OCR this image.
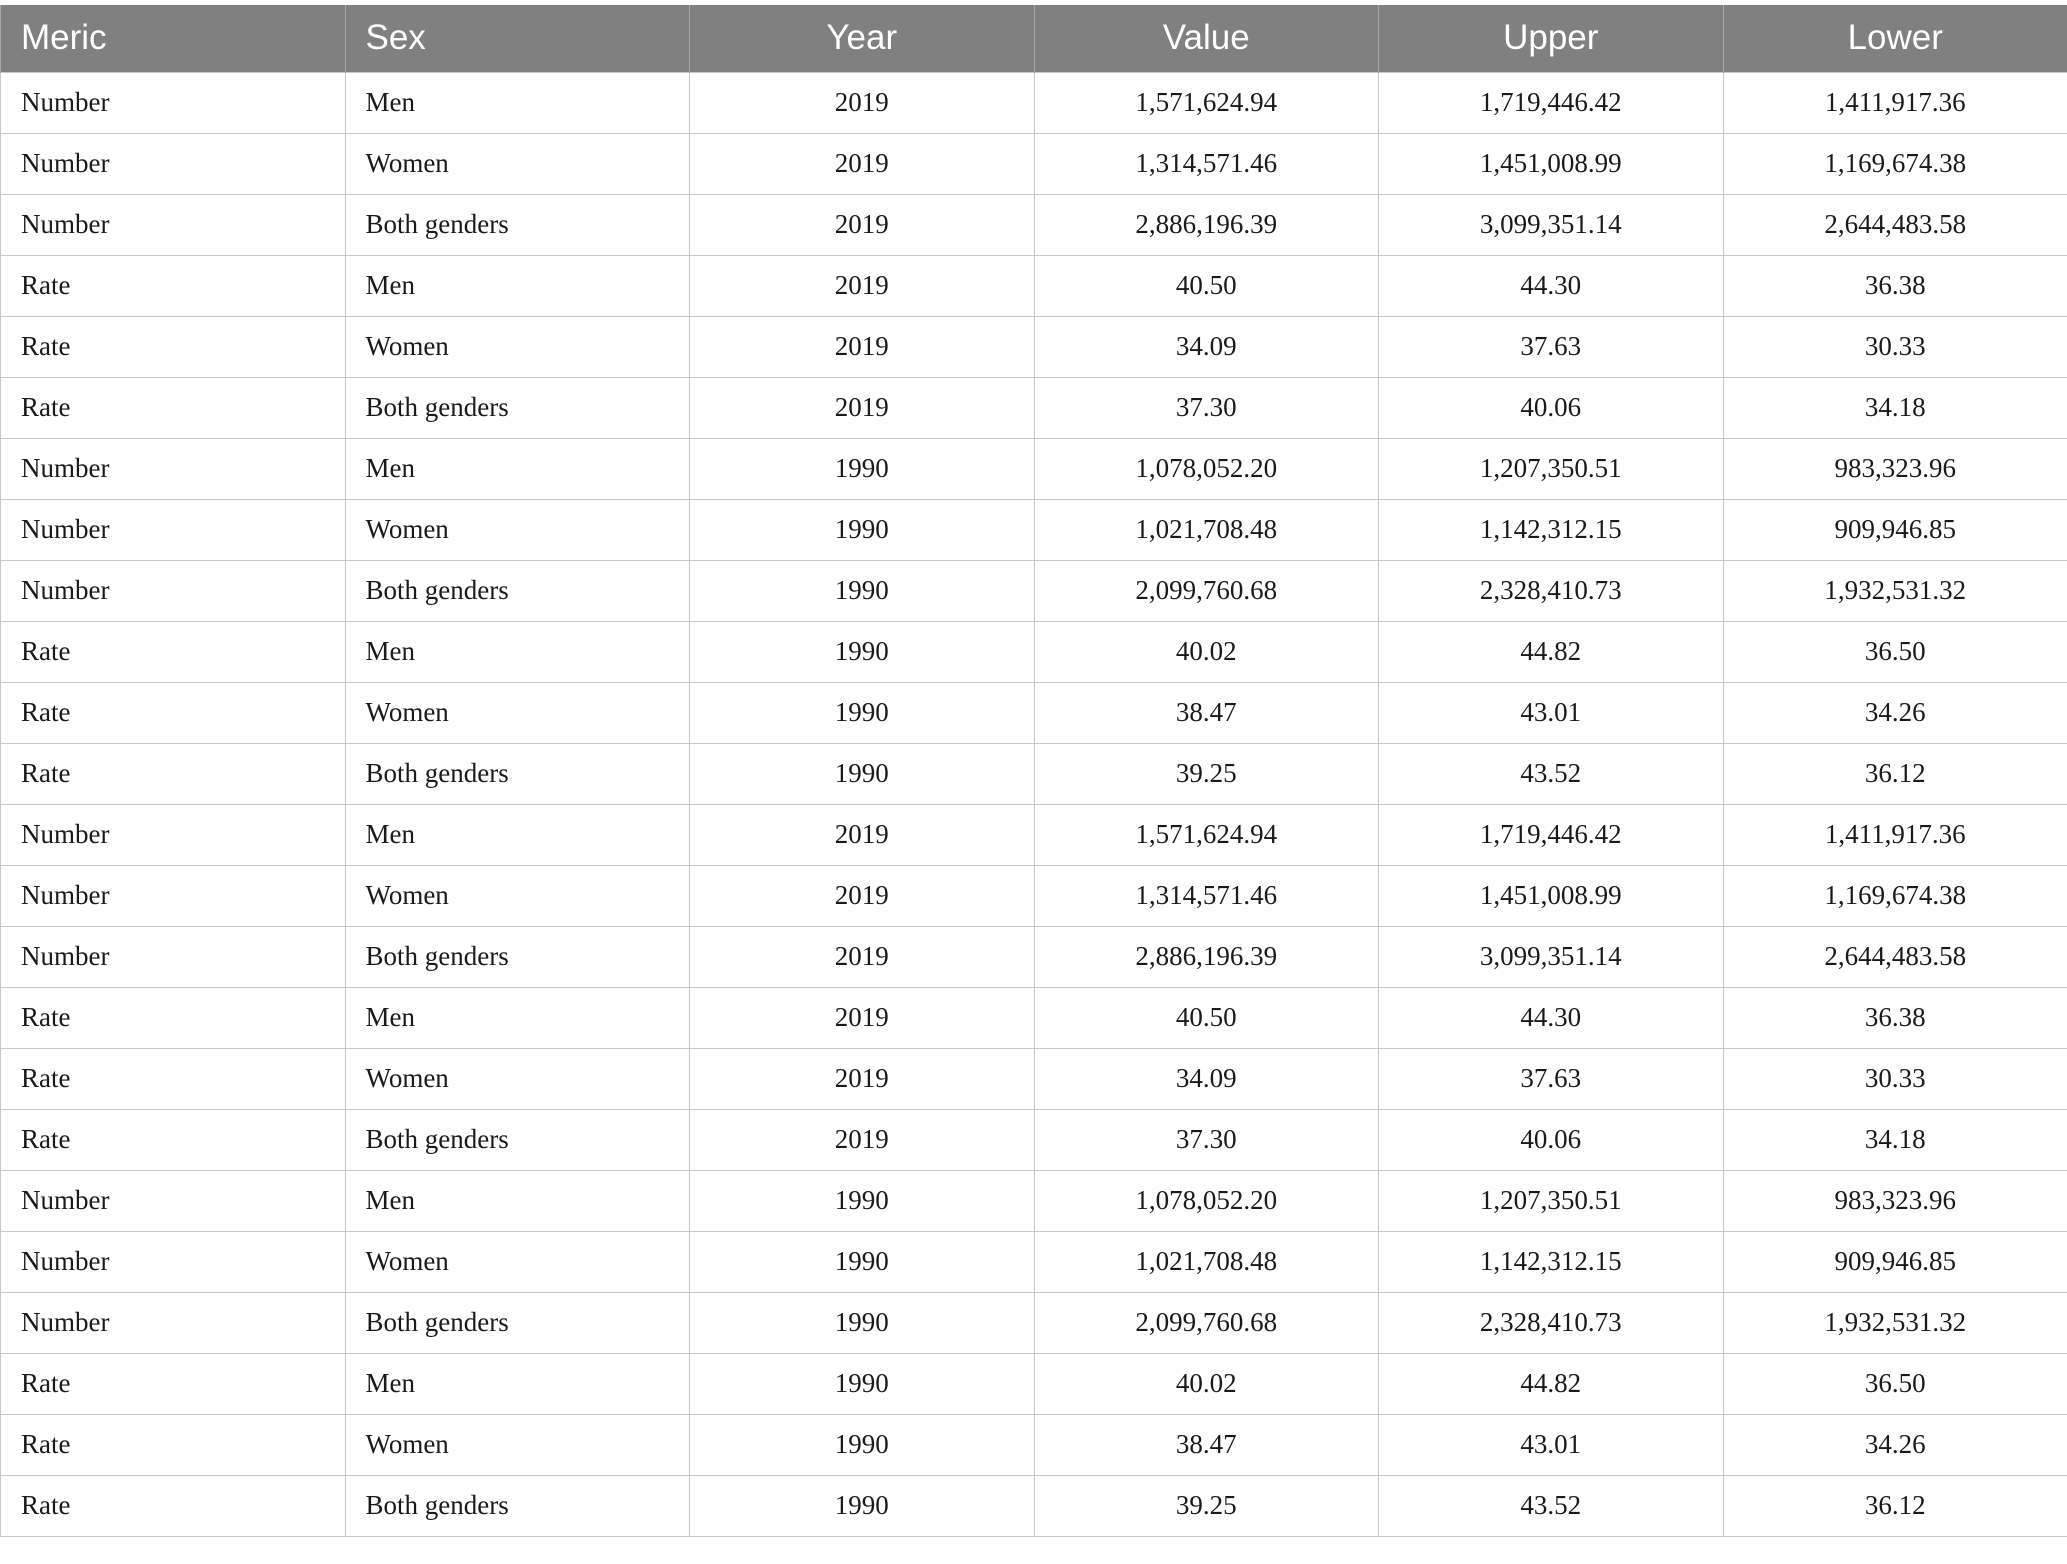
Meric	Sex	Year	Value	Upper	Lower
Number	Men	2019	1,571,624.94	1,719,446.42	1,411,917.36
Number	Women	2019	1,314,571.46	1,451,008.99	1,169,674.38
Number	Both genders	2019	2,886,196.39	3,099,351.14	2,644,483.58
Rate	Men	2019	40.50	44.30	36.38
Rate	Women	2019	34.09	37.63	30.33
Rate	Both genders	2019	37.30	40.06	34.18
Number	Men	1990	1,078,052.20	1,207,350.51	983,323.96
Number	Women	1990	1,021,708.48	1,142,312.15	909,946.85
Number	Both genders	1990	2,099,760.68	2,328,410.73	1,932,531.32
Rate	Men	1990	40.02	44.82	36.50
Rate	Women	1990	38.47	43.01	34.26
Rate	Both genders	1990	39.25	43.52	36.12
Number	Men	2019	1,571,624.94	1,719,446.42	1,411,917.36
Number	Women	2019	1,314,571.46	1,451,008.99	1,169,674.38
Number	Both genders	2019	2,886,196.39	3,099,351.14	2,644,483.58
Rate	Men	2019	40.50	44.30	36.38
Rate	Women	2019	34.09	37.63	30.33
Rate	Both genders	2019	37.30	40.06	34.18
Number	Men	1990	1,078,052.20	1,207,350.51	983,323.96
Number	Women	1990	1,021,708.48	1,142,312.15	909,946.85
Number	Both genders	1990	2,099,760.68	2,328,410.73	1,932,531.32
Rate	Men	1990	40.02	44.82	36.50
Rate	Women	1990	38.47	43.01	34.26
Rate	Both genders	1990	39.25	43.52	36.12
